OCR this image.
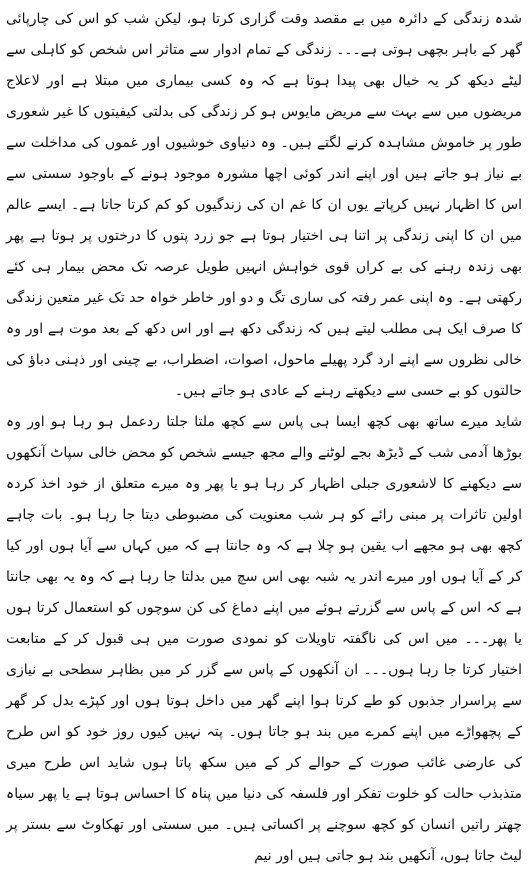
شدہ زندگی کے دائرہ میں بے مقصد وقت گزاری کرتا ہو، لیکن شب کو اس کی چارپائی گھر کے باہر بچھی ہوتی ہے۔۔۔ زندگی کے تمام ادوار سے متاثر اس شخص کو کاہلی سے لیٹے دیکھ کر یہ خیال بھی پیدا ہوتا ہے کہ وہ کسی بیماری میں مبتلا ہے اور لاعلاج مریضوں میں سے بہت سے مریض مایوس ہو کر زندگی کی بدلتی کیفیتوں کا غیر شعوری طور پر خاموش مشاہدہ کرنے لگتے ہیں۔ وہ دنیاوی خوشیوں اور غموں کی مداخلت سے بے نیاز ہو جاتے ہیں اور اپنے اندر کوئی اچھا مشورہ موجود ہونے کے باوجود سستی سے اس کا اظہار نہیں کرپاتے یوں ان کا غم ان کی زندگیوں کو کم کرتا جاتا ہے۔ ایسے عالم میں ان کا اپنی زندگی پر اتنا ہی اختیار ہوتا ہے جو زرد پتوں کا درختوں پر ہوتا ہے پھر بھی زندہ رہنے کی بے کراں قوی خواہش انہیں طویل عرصہ تک محض بیمار ہی کئے رکھتی ہے۔ وہ اپنی عمر رفتہ کی ساری تگ و دو اور خاطر خواہ حد تک غیر متعین زندگی کا صرف ایک ہی مطلب لیتے ہیں کہ زندگی دکھ ہے اور اس دکھ کے بعد موت ہے اور وہ خالی نظروں سے اپنے ارد گرد پھیلے ماحول، اصوات، اضطراب، بے چینی اور ذہنی دباؤ کی حالتوں کو بے حسی سے دیکھتے رہنے کے عادی ہو جاتے ہیں۔

شاید میرے ساتھ بھی کچھ ایسا ہی پاس سے کچھ ملتا جلتا ردعمل ہو رہا ہو اور وہ بوڑھا آدمی شب کے ڈیڑھ بجے لوٹنے والے مجھ جیسے شخص کو محض خالی سپاٹ آنکھوں سے دیکھنے کا لاشعوری جبلی اظہار کر رہا ہو یا پھر وہ میرے متعلق از خود اخذ کردہ اولین تاثرات پر مبنی رائے کو ہر شب معنویت کی مضبوطی دیتا جا رہا ہو۔ بات چاہے کچھ بھی ہو مجھے اب یقین ہو چلا ہے کہ وہ جانتا ہے کہ میں کہاں سے آیا ہوں اور کیا کر کے آیا ہوں اور میرے اندر یہ شبہ بھی اس سچ میں بدلتا جا رہا ہے کہ وہ یہ بھی جانتا ہے کہ اس کے پاس سے گزرتے ہوئے میں اپنے دماغ کی کن سوچوں کو استعمال کرتا ہوں یا پھر۔۔۔ میں اس کی ناگفتہ تاویلات کو نمودی صورت میں ہی قبول کر کے متابعت اختیار کرتا جا رہا ہوں۔۔۔ ان آنکھوں کے پاس سے گزر کر میں بظاہر سطحی بے نیازی سے پراسرار جذبوں کو طے کرتا ہوا اپنے گھر میں داخل ہوتا ہوں اور کپڑے بدل کر گھر کے پچھواڑے میں اپنے کمرے میں بند ہو جاتا ہوں۔ پتہ نہیں کیوں روز خود کو اس طرح کی عارضی غائب صورت کے حوالے کر کے میں سکھ پاتا ہوں شاید اس طرح میری متذبذب حالت کو خلوت تفکر اور فلسفہ کی دنیا میں پناہ کا احساس ہوتا ہے یا پھر سیاہ چھتر راتیں انسان کو کچھ سوچنے پر اکساتی ہیں۔ میں سستی اور تھکاوٹ سے بستر پر لیٹ جاتا ہوں، آنکھیں بند ہو جاتی ہیں اور نیم
